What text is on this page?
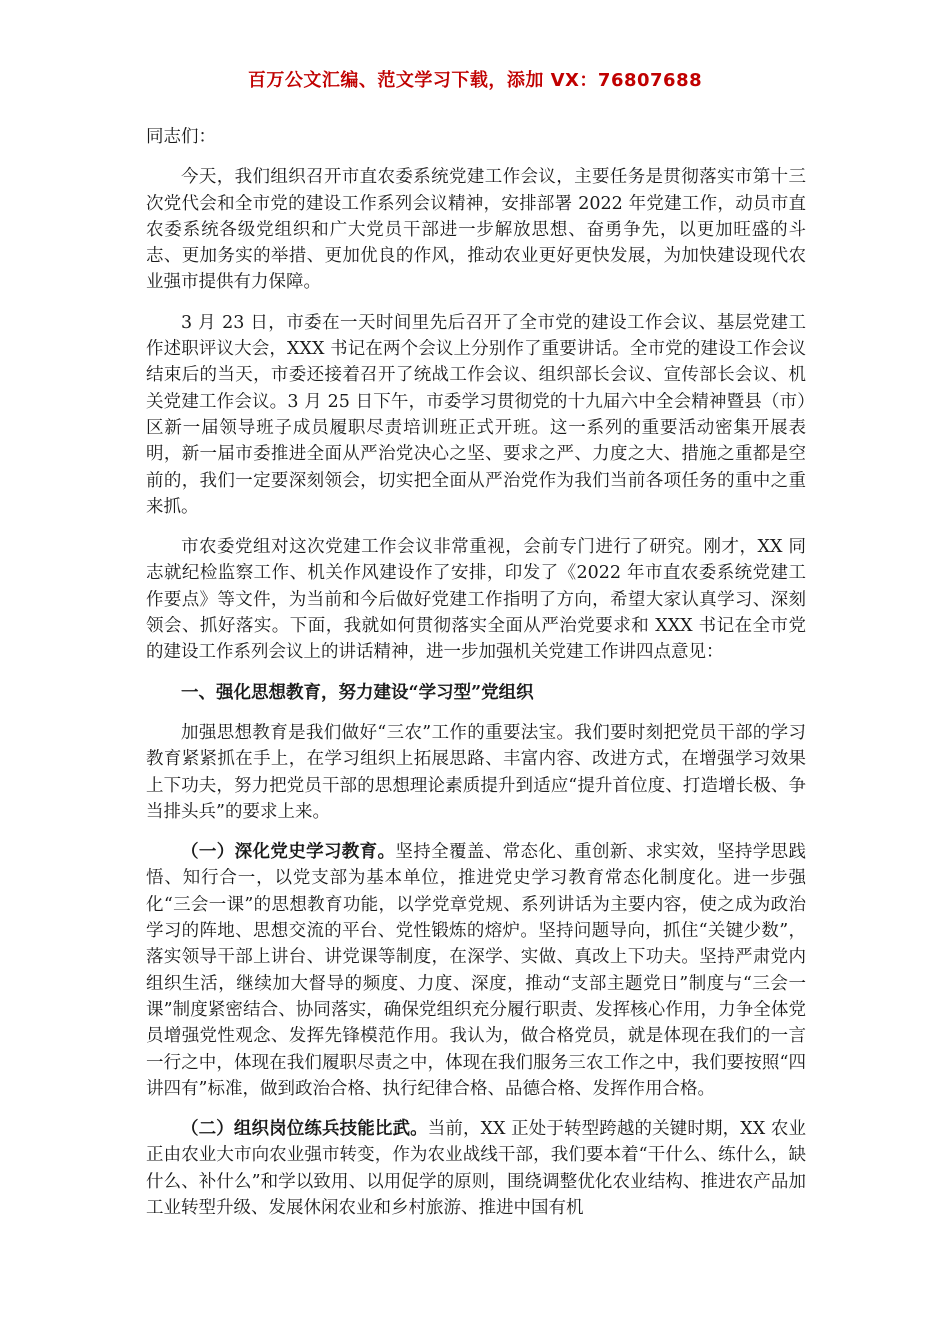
百万公文汇编、范文学习下载，添加 VX：76807688

同志们：

今天，我们组织召开市直农委系统党建工作会议，主要任务是贯彻落实市第十三次党代会和全市党的建设工作系列会议精神，安排部署 2022 年党建工作，动员市直农委系统各级党组织和广大党员干部进一步解放思想、奋勇争先，以更加旺盛的斗志、更加务实的举措、更加优良的作风，推动农业更好更快发展，为加快建设现代农业强市提供有力保障。

3 月 23 日，市委在一天时间里先后召开了全市党的建设工作会议、基层党建工作述职评议大会，XXX 书记在两个会议上分别作了重要讲话。全市党的建设工作会议结束后的当天，市委还接着召开了统战工作会议、组织部长会议、宣传部长会议、机关党建工作会议。3 月 25 日下午，市委学习贯彻党的十九届六中全会精神暨县（市）区新一届领导班子成员履职尽责培训班正式开班。这一系列的重要活动密集开展表明，新一届市委推进全面从严治党决心之坚、要求之严、力度之大、措施之重都是空前的，我们一定要深刻领会，切实把全面从严治党作为我们当前各项任务的重中之重来抓。

市农委党组对这次党建工作会议非常重视，会前专门进行了研究。刚才，XX 同志就纪检监察工作、机关作风建设作了安排，印发了《2022 年市直农委系统党建工作要点》等文件，为当前和今后做好党建工作指明了方向，希望大家认真学习、深刻领会、抓好落实。下面，我就如何贯彻落实全面从严治党要求和 XXX 书记在全市党的建设工作系列会议上的讲话精神，进一步加强机关党建工作讲四点意见：

一、强化思想教育，努力建设“学习型”党组织

加强思想教育是我们做好“三农”工作的重要法宝。我们要时刻把党员干部的学习教育紧紧抓在手上，在学习组织上拓展思路、丰富内容、改进方式，在增强学习效果上下功夫，努力把党员干部的思想理论素质提升到适应“提升首位度、打造增长极、争当排头兵”的要求上来。

（一）深化党史学习教育。坚持全覆盖、常态化、重创新、求实效，坚持学思践悟、知行合一，以党支部为基本单位，推进党史学习教育常态化制度化。进一步强化“三会一课”的思想教育功能，以学党章党规、系列讲话为主要内容，使之成为政治学习的阵地、思想交流的平台、党性锻炼的熔炉。坚持问题导向，抓住“关键少数”，落实领导干部上讲台、讲党课等制度，在深学、实做、真改上下功夫。坚持严肃党内组织生活，继续加大督导的频度、力度、深度，推动“支部主题党日”制度与“三会一课”制度紧密结合、协同落实，确保党组织充分履行职责、发挥核心作用，力争全体党员增强党性观念、发挥先锋模范作用。我认为，做合格党员，就是体现在我们的一言一行之中，体现在我们履职尽责之中，体现在我们服务三农工作之中，我们要按照“四讲四有”标准，做到政治合格、执行纪律合格、品德合格、发挥作用合格。

（二）组织岗位练兵技能比武。当前，XX 正处于转型跨越的关键时期，XX 农业正由农业大市向农业强市转变，作为农业战线干部，我们要本着“干什么、练什么，缺什么、补什么”和学以致用、以用促学的原则，围绕调整优化农业结构、推进农产品加工业转型升级、发展休闲农业和乡村旅游、推进中国有机
